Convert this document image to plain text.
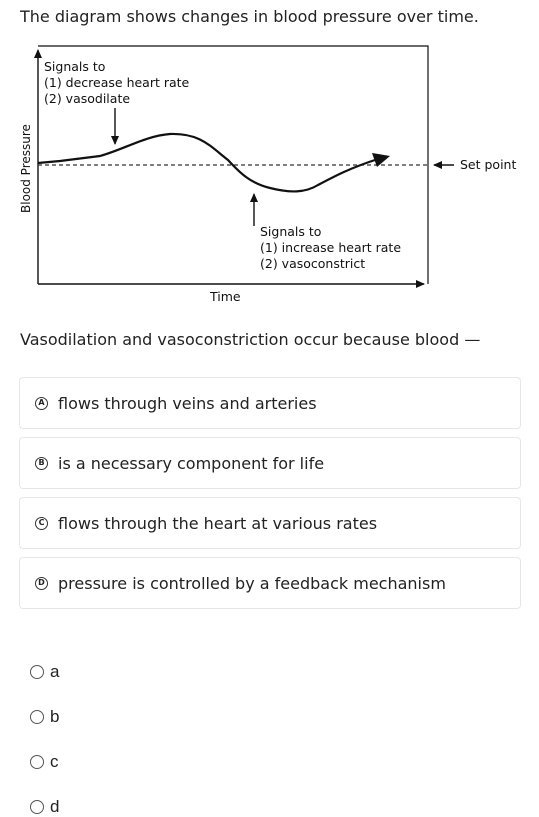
The diagram shows changes in blood pressure over time.
Set point
Time
Blood Pressure
Signals to
(1) decrease heart rate
(2) vasodilate
Signals to
(1) increase heart rate
(2) vasoconstrict
Vasodilation and vasoconstriction occur because blood —
A flows through veins and arteries
B is a necessary component for life
C flows through the heart at various rates
D pressure is controlled by a feedback mechanism
a
b
c
d
